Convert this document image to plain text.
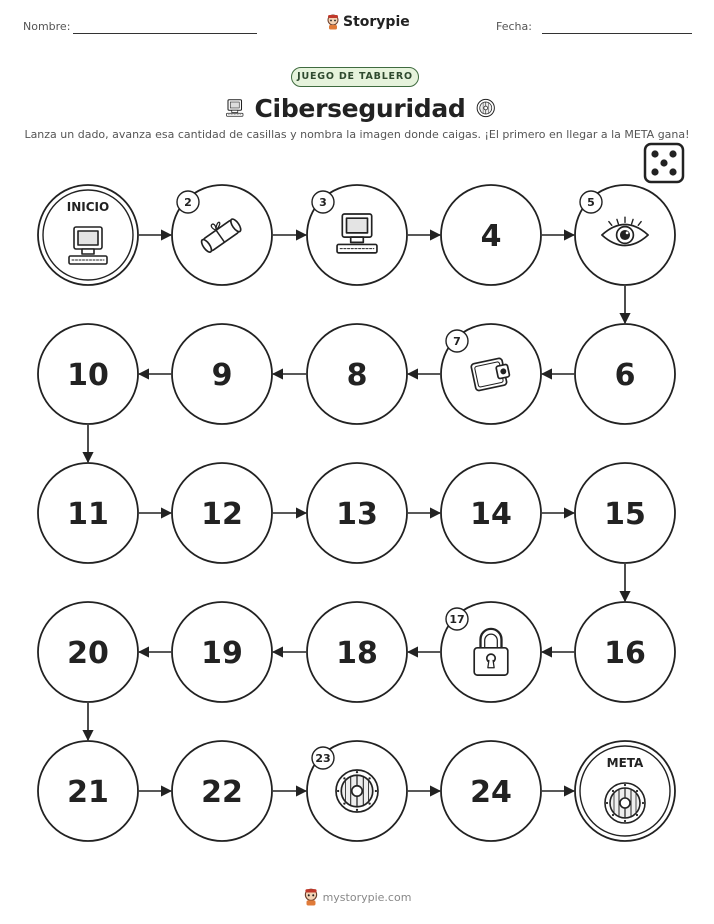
Nombre:	Storypie	Fecha:
JUEGO DE TABLERO
Ciberseguridad
Lanza un dado, avanza esa cantidad de casillas y nombra la imagen donde caigas. ¡El primero en llegar a la META gana!
INICIO	2	3
4
5
10	9	8
7
6
11	12	13	14	15
20	19	18
17
16
21	22
23
24
META
mystorypie.com
